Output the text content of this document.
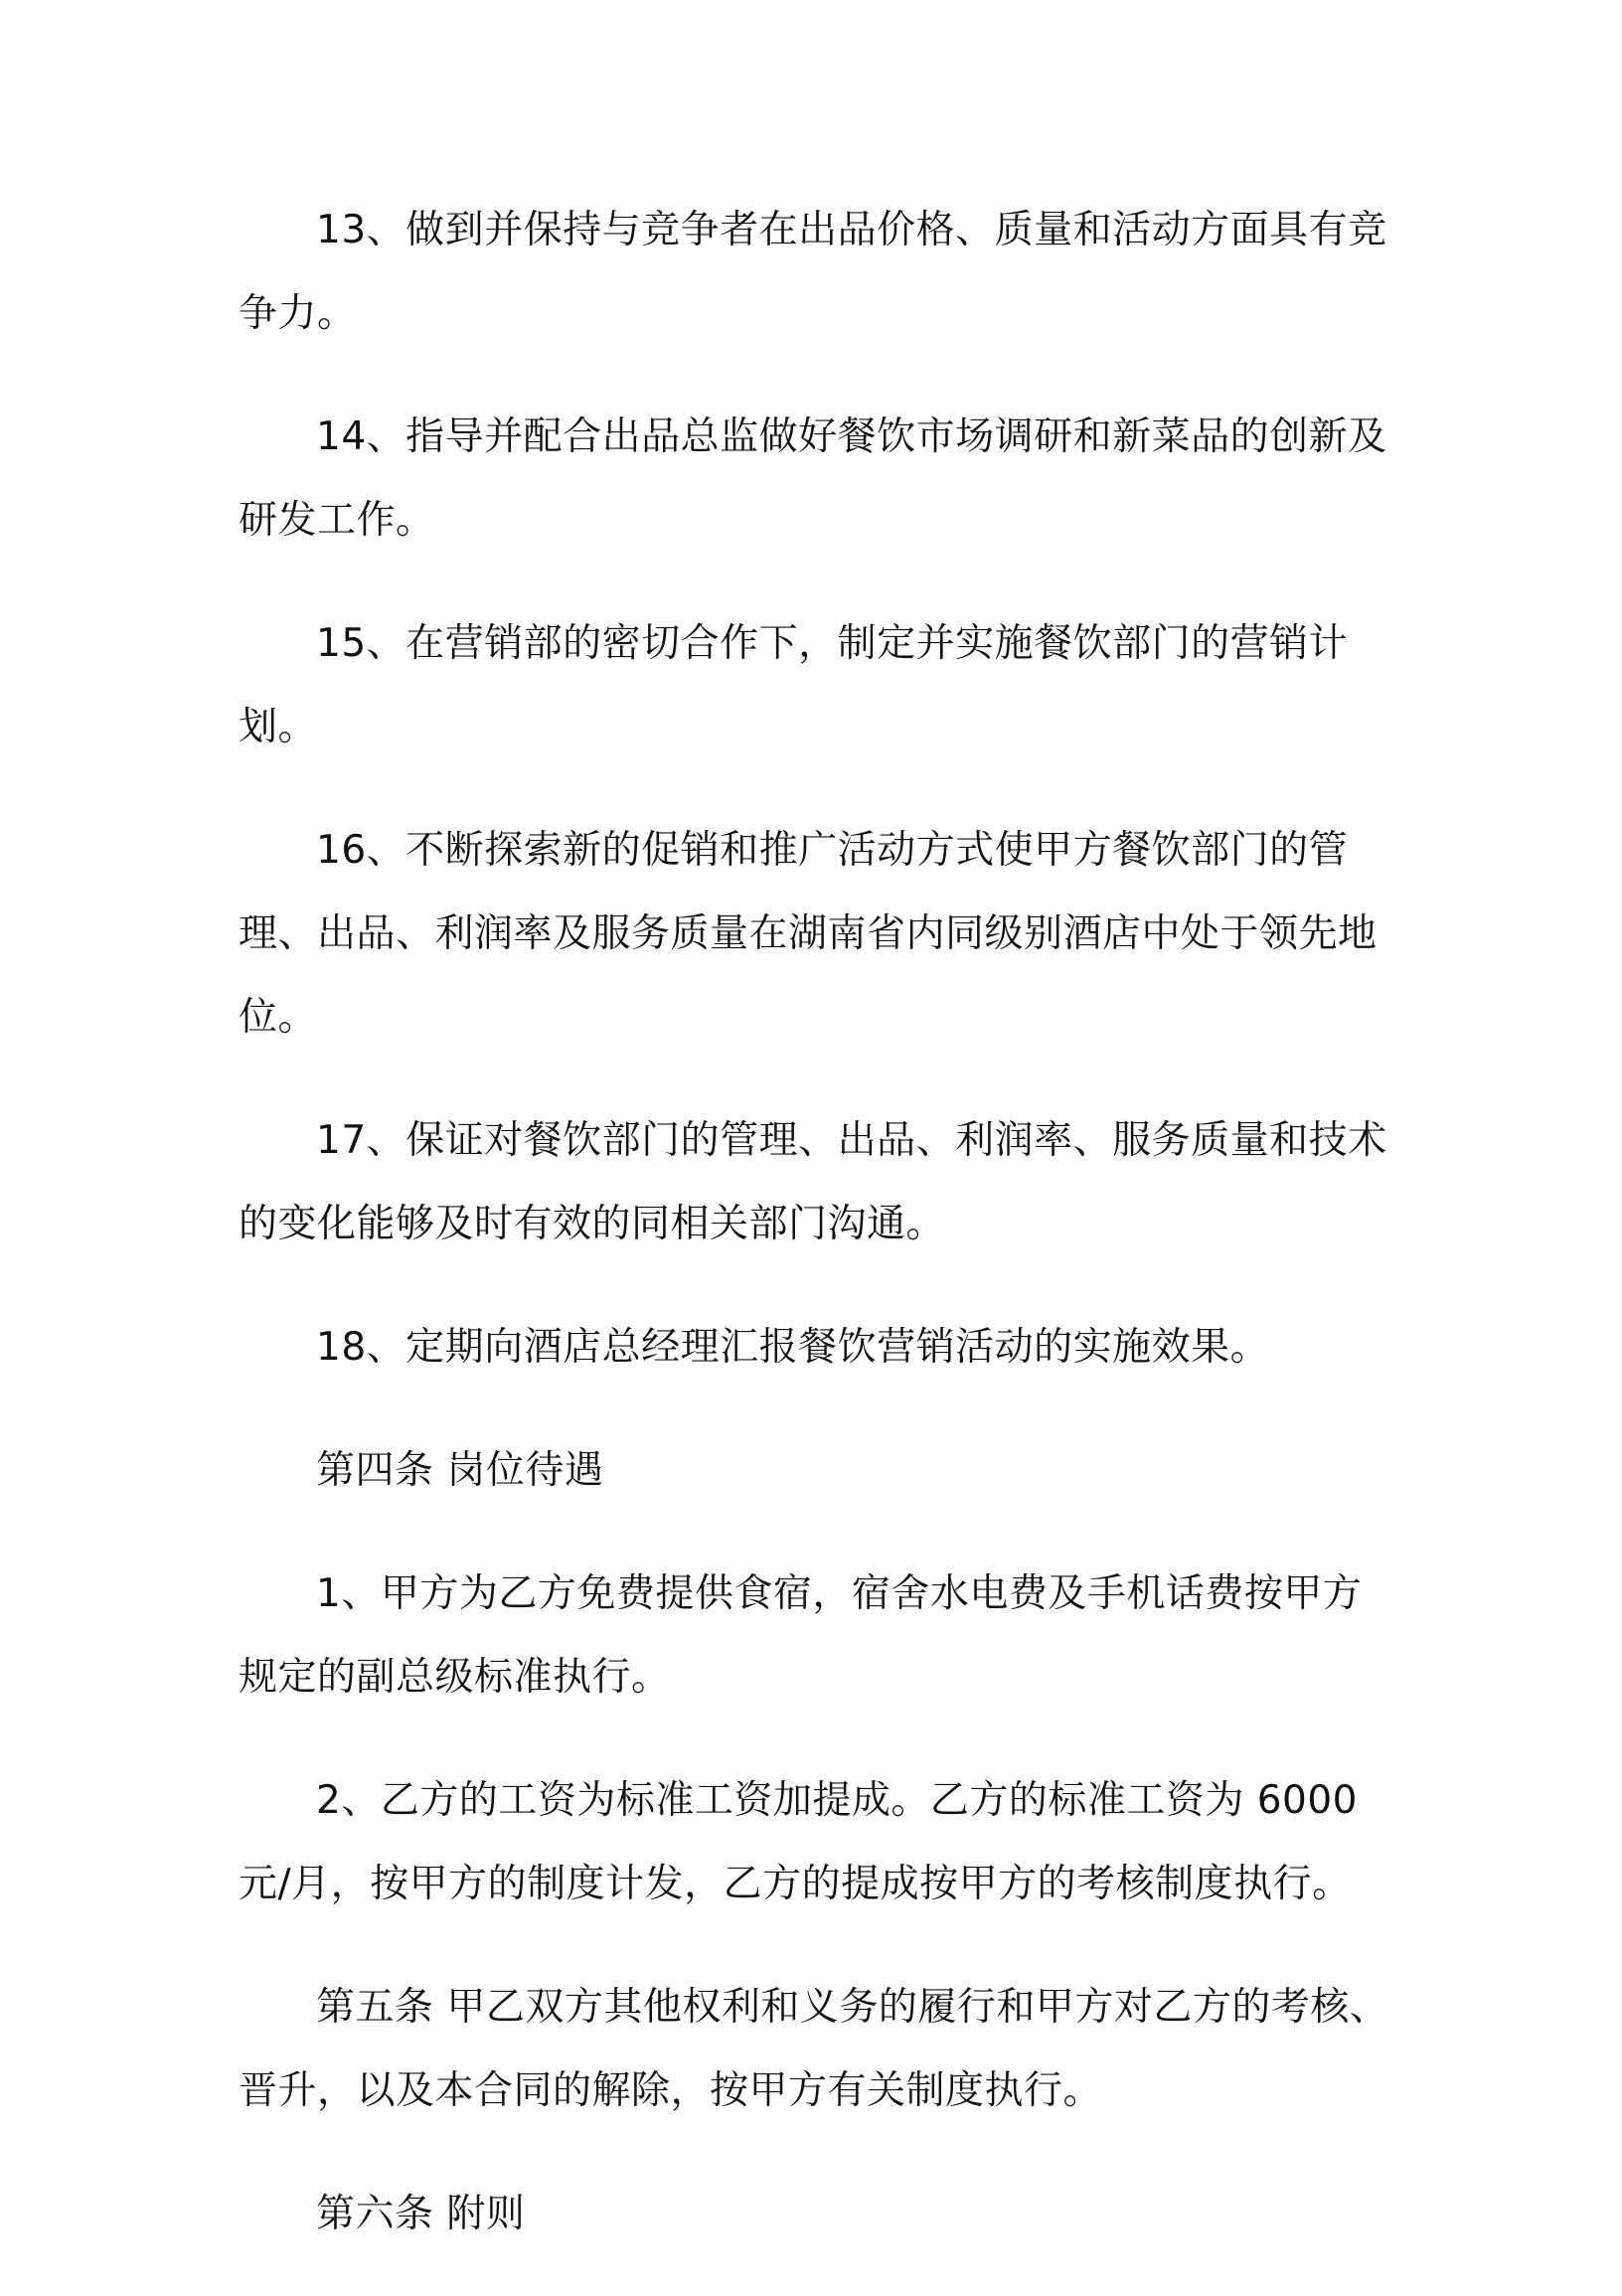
13、做到并保持与竞争者在出品价格、质量和活动方面具有竞争力。

14、指导并配合出品总监做好餐饮市场调研和新菜品的创新及研发工作。

15、在营销部的密切合作下，制定并实施餐饮部门的营销计划。

16、不断探索新的促销和推广活动方式使甲方餐饮部门的管理、出品、利润率及服务质量在湖南省内同级别酒店中处于领先地位。

17、保证对餐饮部门的管理、出品、利润率、服务质量和技术的变化能够及时有效的同相关部门沟通。

18、定期向酒店总经理汇报餐饮营销活动的实施效果。

第四条 岗位待遇

1、甲方为乙方免费提供食宿，宿舍水电费及手机话费按甲方规定的副总级标准执行。

2、乙方的工资为标准工资加提成。乙方的标准工资为 6000 元/月，按甲方的制度计发，乙方的提成按甲方的考核制度执行。

第五条 甲乙双方其他权利和义务的履行和甲方对乙方的考核、晋升，以及本合同的解除，按甲方有关制度执行。

第六条 附则
